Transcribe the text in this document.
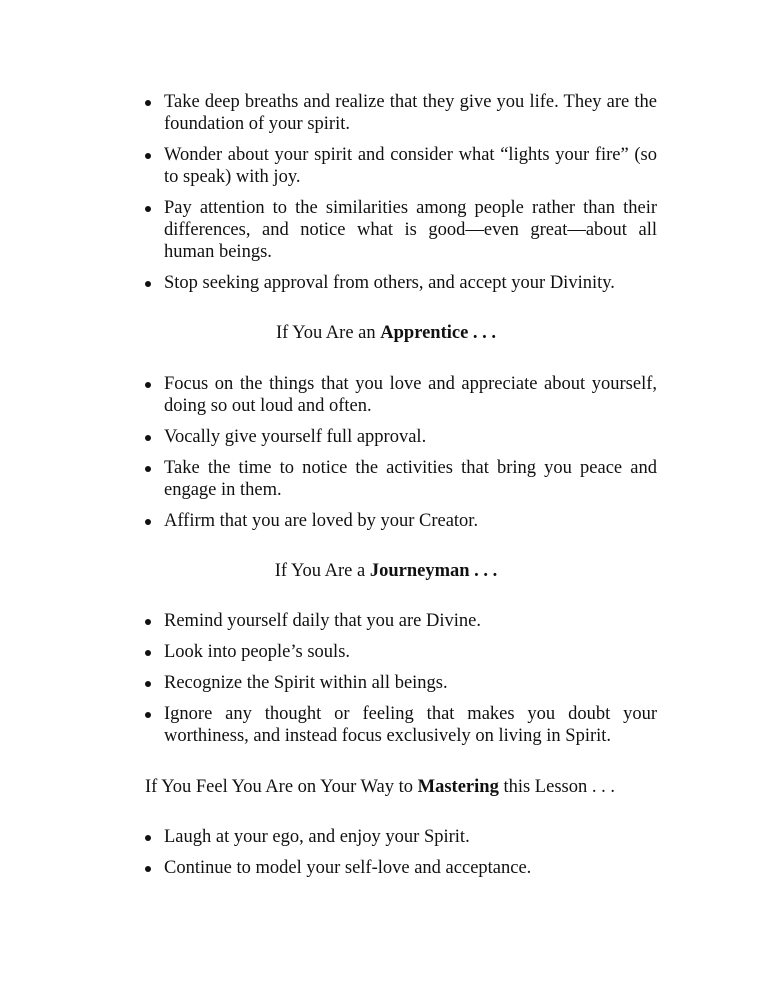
Take deep breaths and realize that they give you life. They are the foundation of your spirit.
Wonder about your spirit and consider what “lights your fire” (so to speak) with joy.
Pay attention to the similarities among people rather than their differences, and notice what is good—even great—about all human beings.
Stop seeking approval from others, and accept your Divinity.
If You Are an Apprentice . . .
Focus on the things that you love and appreciate about yourself, doing so out loud and often.
Vocally give yourself full approval.
Take the time to notice the activities that bring you peace and engage in them.
Affirm that you are loved by your Creator.
If You Are a Journeyman . . .
Remind yourself daily that you are Divine.
Look into people’s souls.
Recognize the Spirit within all beings.
Ignore any thought or feeling that makes you doubt your worthiness, and instead focus exclusively on living in Spirit.
If You Feel You Are on Your Way to Mastering this Lesson . . .
Laugh at your ego, and enjoy your Spirit.
Continue to model your self-love and acceptance.
